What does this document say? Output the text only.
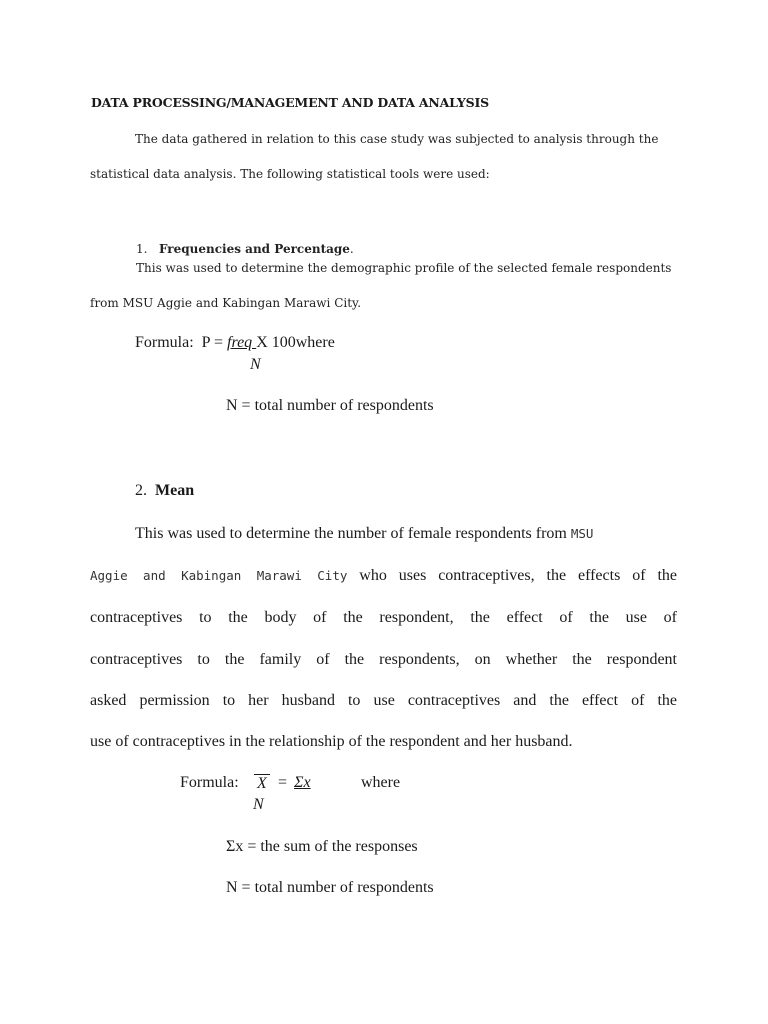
DATA PROCESSING/MANAGEMENT AND DATA ANALYSIS
The data gathered in relation to this case study was subjected to analysis through the
statistical data analysis. The following statistical tools were used:
1. Frequencies and Percentage.
This was used to determine the demographic profile of the selected female respondents
from MSU Aggie and Kabingan Marawi City.
Formula: P = freq X 100where
N
N = total number of respondents
2. Mean
This was used to determine the number of female respondents from MSU
Aggie and Kabingan Marawi City who uses contraceptives, the effects of the
contraceptives to the body of the respondent, the effect of the use of
contraceptives to the family of the respondents, on whether the respondent
asked permission to her husband to use contraceptives and the effect of the
use of contraceptives in the relationship of the respondent and her husband.
Formula: X = Σx	where
N
Σx = the sum of the responses
N = total number of respondents
